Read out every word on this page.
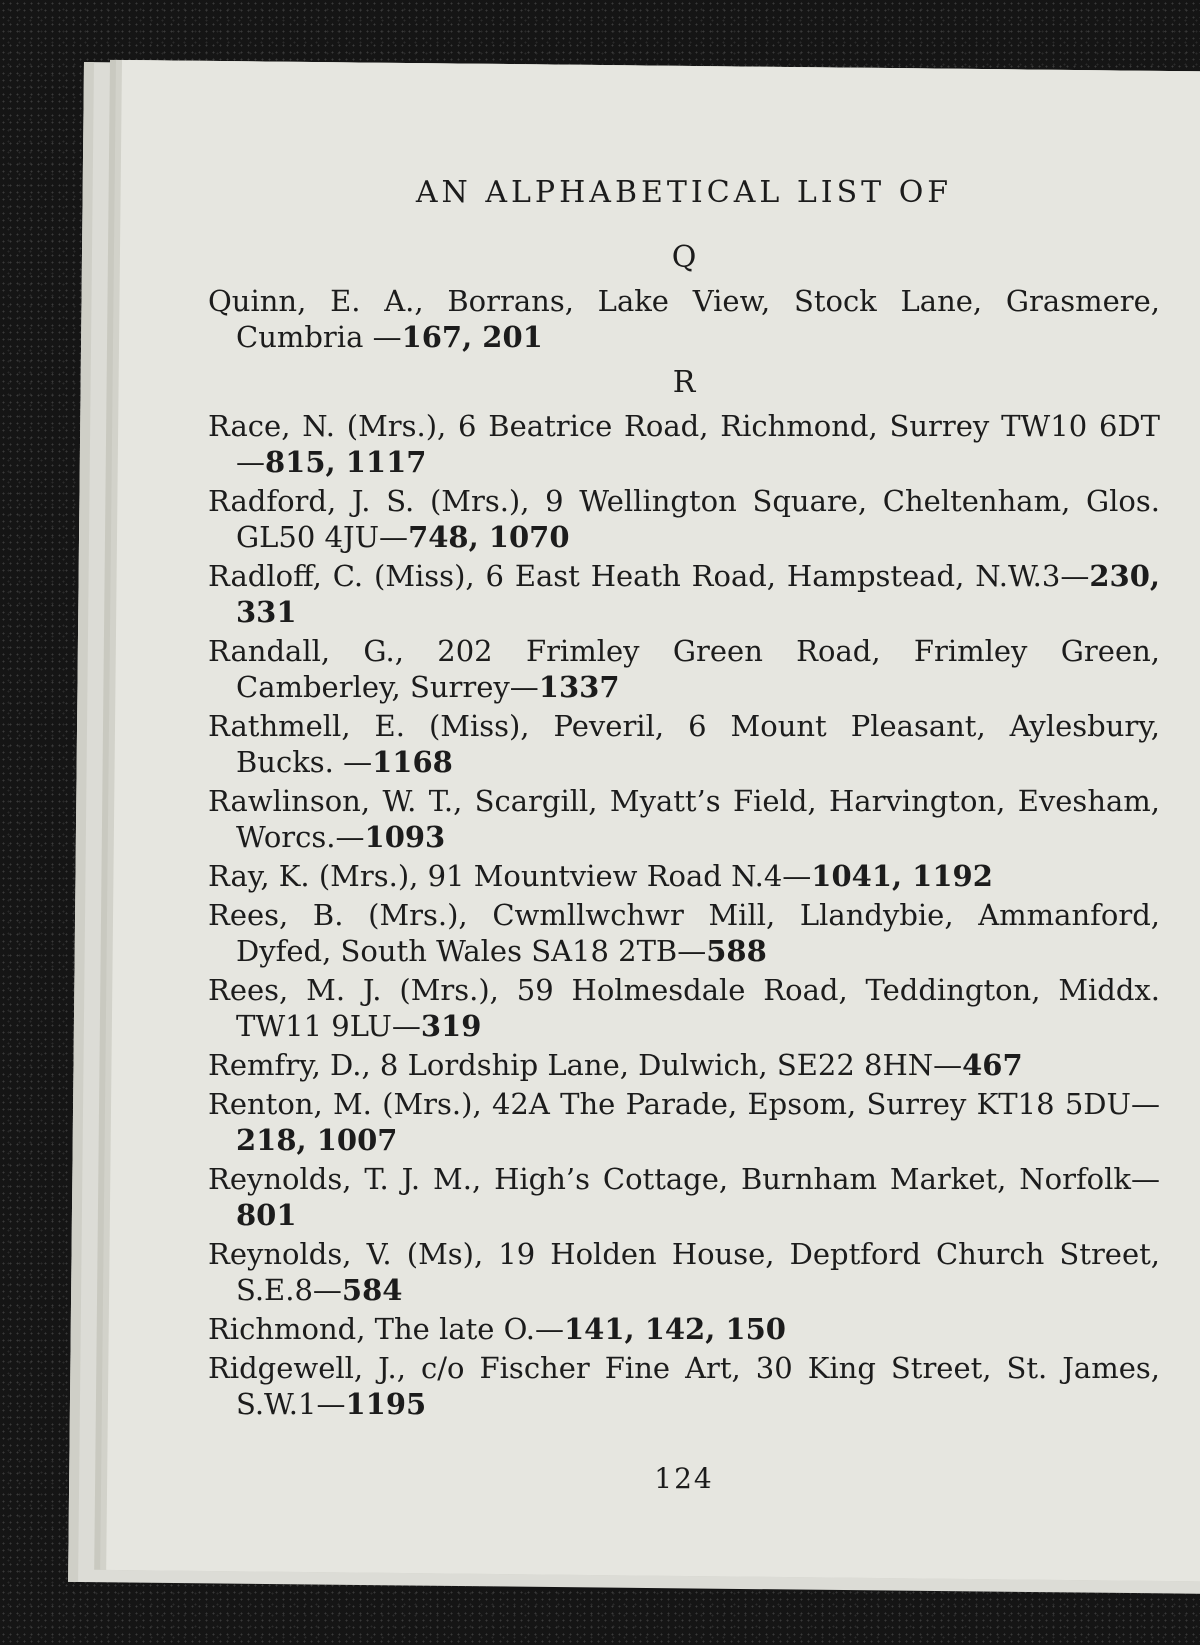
AN ALPHABETICAL LIST OF
Q

Quinn, E. A., Borrans, Lake View, Stock Lane, Grasmere, Cumbria —167, 201

R

Race, N. (Mrs.), 6 Beatrice Road, Richmond, Surrey TW10 6DT—815, 1117

Radford, J. S. (Mrs.), 9 Wellington Square, Cheltenham, Glos. GL50 4JU—748, 1070

Radloff, C. (Miss), 6 East Heath Road, Hampstead, N.W.3—230, 331

Randall, G., 202 Frimley Green Road, Frimley Green, Camberley, Surrey—1337

Rathmell, E. (Miss), Peveril, 6 Mount Pleasant, Aylesbury, Bucks. —1168

Rawlinson, W. T., Scargill, Myatt’s Field, Harvington, Evesham, Worcs.—1093

Ray, K. (Mrs.), 91 Mountview Road N.4—1041, 1192

Rees, B. (Mrs.), Cwmllwchwr Mill, Llandybie, Ammanford, Dyfed, South Wales SA18 2TB—588

Rees, M. J. (Mrs.), 59 Holmesdale Road, Teddington, Middx. TW11 9LU—319

Remfry, D., 8 Lordship Lane, Dulwich, SE22 8HN—467

Renton, M. (Mrs.), 42A The Parade, Epsom, Surrey KT18 5DU—218, 1007

Reynolds, T. J. M., High’s Cottage, Burnham Market, Norfolk—801

Reynolds, V. (Ms), 19 Holden House, Deptford Church Street, S.E.8—584

Richmond, The late O.—141, 142, 150

Ridgewell, J., c/o Fischer Fine Art, 30 King Street, St. James, S.W.1—1195

124
